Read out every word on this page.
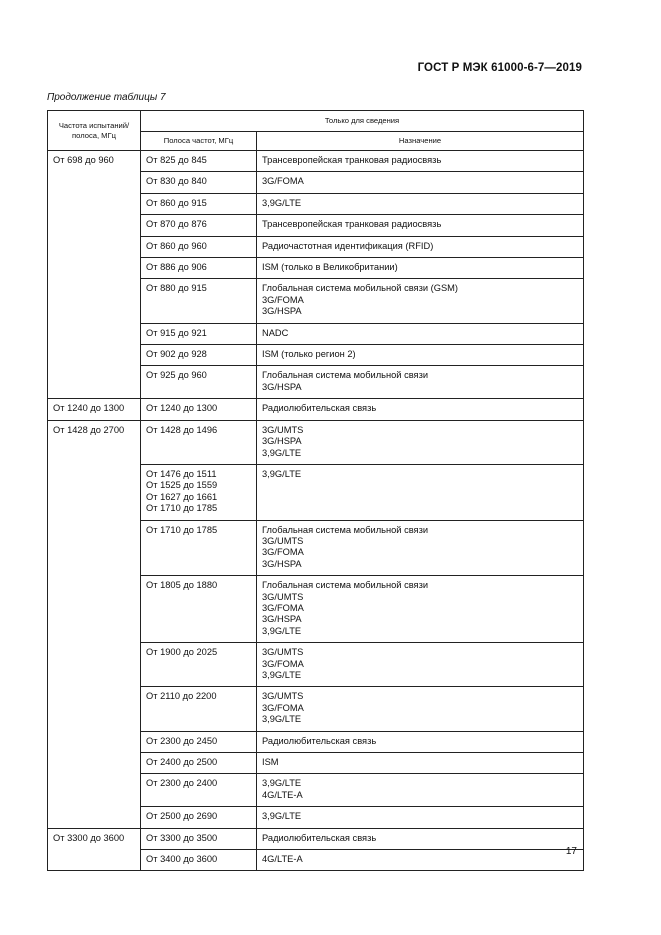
ГОСТ Р МЭК 61000-6-7—2019
Продолжение таблицы 7
Частота испытаний/ полоса, МГц	Только для сведения	
	Полоса частот, МГц	Назначение
От 698 до 960	От 825 до 845	Трансевропейская транковая радиосвязь

	От 830 до 840	3G/FOMA

	От 860 до 915	3,9G/LTE

	От 870 до 876	Трансевропейская транковая радиосвязь

	От 860 до 960	Радиочастотная идентификация (RFID)

	От 886 до 906	ISM (только в Великобритании)

	От 880 до 915	Глобальная система мобильной связи (GSM)
3G/FOMA
3G/HSPA

	От 915 до 921	NADC

	От 902 до 928	ISM (только регион 2)

	От 925 до 960	Глобальная система мобильной связи
3G/HSPA

От 1240 до 1300	От 1240 до 1300	Радиолюбительская связь

От 1428 до 2700	От 1428 до 1496	3G/UMTS
3G/HSPA
3,9G/LTE

	От 1476 до 1511
От 1525 до 1559
От 1627 до 1661
От 1710 до 1785	3,9G/LTE

	От 1710 до 1785	Глобальная система мобильной связи
3G/UMTS
3G/FOMA
3G/HSPA

	От 1805 до 1880	Глобальная система мобильной связи
3G/UMTS
3G/FOMA
3G/HSPA
3,9G/LTE

	От 1900 до 2025	3G/UMTS
3G/FOMA
3,9G/LTE

	От 2110 до 2200	3G/UMTS
3G/FOMA
3,9G/LTE

	От 2300 до 2450	Радиолюбительская связь

	От 2400 до 2500	ISM

	От 2300 до 2400	3,9G/LTE
4G/LTE-A

	От 2500 до 2690	3,9G/LTE

От 3300 до 3600	От 3300 до 3500	Радиолюбительская связь

	От 3400 до 3600	4G/LTE-A
17
